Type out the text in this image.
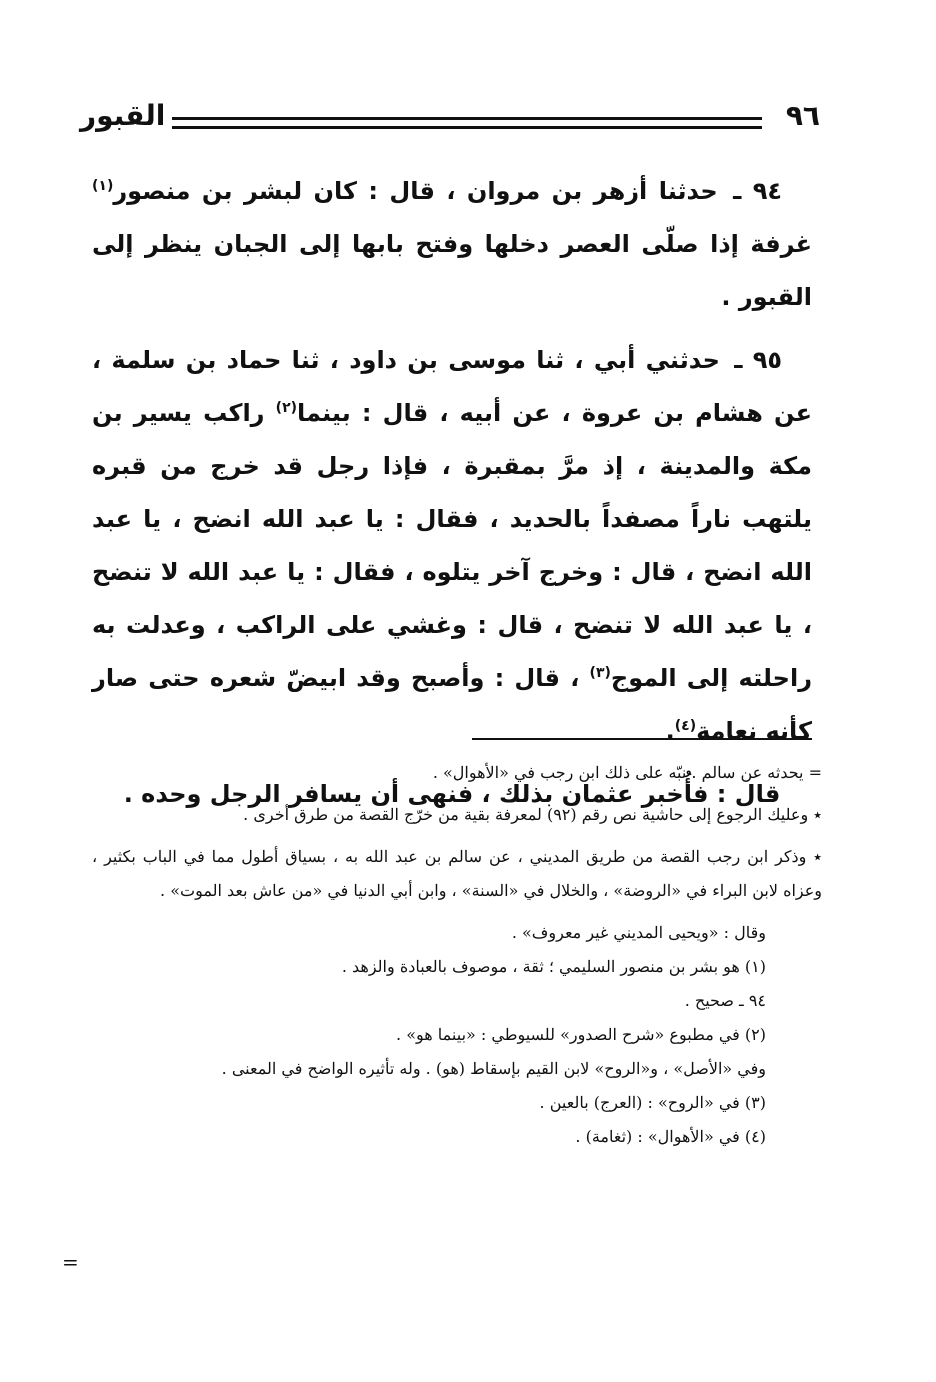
٩٦
القبور

٩٤ ـ حدثنا أزهر بن مروان ، قال : كان لبشر بن منصور$^{(١)}$ غرفة إذا صلّى العصر دخلها وفتح بابها إلى الجبان ينظر إلى القبور .

٩٥ ـ حدثني أبي ، ثنا موسى بن داود ، ثنا حماد بن سلمة ، عن هشام بن عروة ، عن أبيه ، قال : بينما$^{(٢)}$ راكب يسير بن مكة والمدينة ، إذ مرَّ بمقبرة ، فإذا رجل قد خرج من قبره يلتهب ناراً مصفداً بالحديد ، فقال : يا عبد الله انضح ، يا عبد الله انضح ، قال : وخرج آخر يتلوه ، فقال : يا عبد الله لا تنضح ، يا عبد الله لا تنضح ، قال : وغشي على الراكب ، وعدلت به راحلته إلى الموج$^{(٣)}$ ، قال : وأصبح وقد ابيضّ شعره حتى صار كأنه نعامة$^{(٤)}$.

قال : فأُخبر عثمان بذلك ، فنهى أن يسافر الرجل وحده .

= يحدثه عن سالم . نبّه على ذلك ابن رجب في «الأهوال» .

٭ وعليك الرجوع إلى حاشية نص رقم (٩٢) لمعرفة بقية من خرّج القصة من طرق أخرى .

٭ وذكر ابن رجب القصة من طريق المديني ، عن سالم بن عبد الله به ، بسياق أطول مما في الباب بكثير ، وعزاه لابن البراء في «الروضة» ، والخلال في «السنة» ، وابن أبي الدنيا في «من عاش بعد الموت» .

وقال : «ويحيى المديني غير معروف» .

(١) هو بشر بن منصور السليمي ؛ ثقة ، موصوف بالعبادة والزهد .

٩٤ ـ صحيح .

(٢) في مطبوع «شرح الصدور» للسيوطي : «بينما هو» .

وفي «الأصل» ، و«الروح» لابن القيم بإسقاط (هو) . وله تأثيره الواضح في المعنى .

(٣) في «الروح» : (العرج) بالعين .

(٤) في «الأهوال» : (ثغامة) .

=
